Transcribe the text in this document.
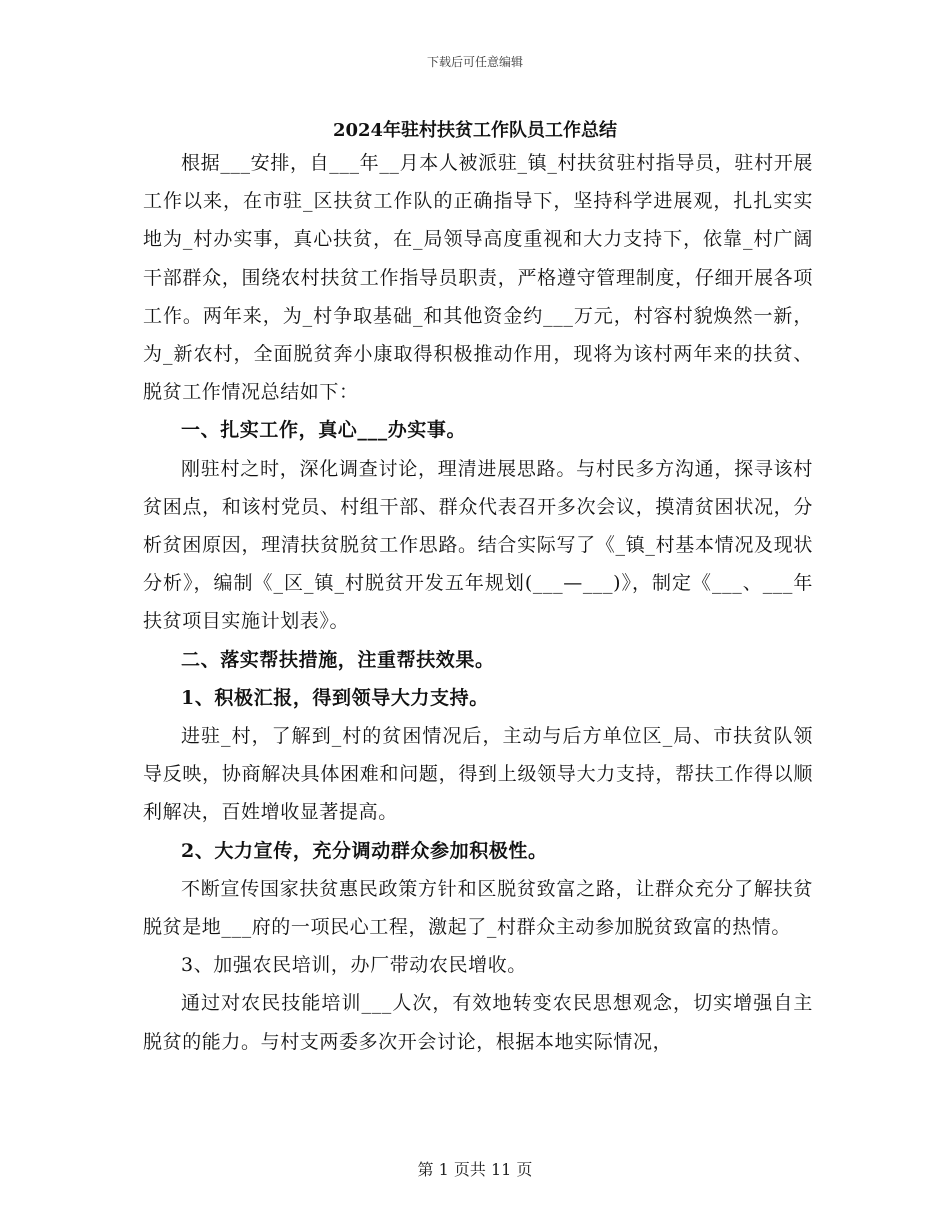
下载后可任意编辑
2024年驻村扶贫工作队员工作总结

根据___安排，自___年__月本人被派驻_镇_村扶贫驻村指导员，驻村开展工作以来，在市驻_区扶贫工作队的正确指导下，坚持科学进展观，扎扎实实地为_村办实事，真心扶贫，在_局领导高度重视和大力支持下，依靠_村广阔干部群众，围绕农村扶贫工作指导员职责，严格遵守管理制度，仔细开展各项工作。两年来，为_村争取基础_和其他资金约___万元，村容村貌焕然一新，为_新农村，全面脱贫奔小康取得积极推动作用，现将为该村两年来的扶贫、脱贫工作情况总结如下：

一、扎实工作，真心___办实事。

刚驻村之时，深化调查讨论，理清进展思路。与村民多方沟通，探寻该村贫困点，和该村党员、村组干部、群众代表召开多次会议，摸清贫困状况，分析贫困原因，理清扶贫脱贫工作思路。结合实际写了《_镇_村基本情况及现状分析》，编制《_区_镇_村脱贫开发五年规划(___—___)》，制定《___、___年扶贫项目实施计划表》。

二、落实帮扶措施，注重帮扶效果。

1、积极汇报，得到领导大力支持。

进驻_村，了解到_村的贫困情况后，主动与后方单位区_局、市扶贫队领导反映，协商解决具体困难和问题，得到上级领导大力支持，帮扶工作得以顺利解决，百姓增收显著提高。

2、大力宣传，充分调动群众参加积极性。

不断宣传国家扶贫惠民政策方针和区脱贫致富之路，让群众充分了解扶贫脱贫是地___府的一项民心工程，激起了_村群众主动参加脱贫致富的热情。

3、加强农民培训，办厂带动农民增收。

通过对农民技能培训___人次，有效地转变农民思想观念，切实增强自主脱贫的能力。与村支两委多次开会讨论，根据本地实际情况，

第 1 页共 11 页
